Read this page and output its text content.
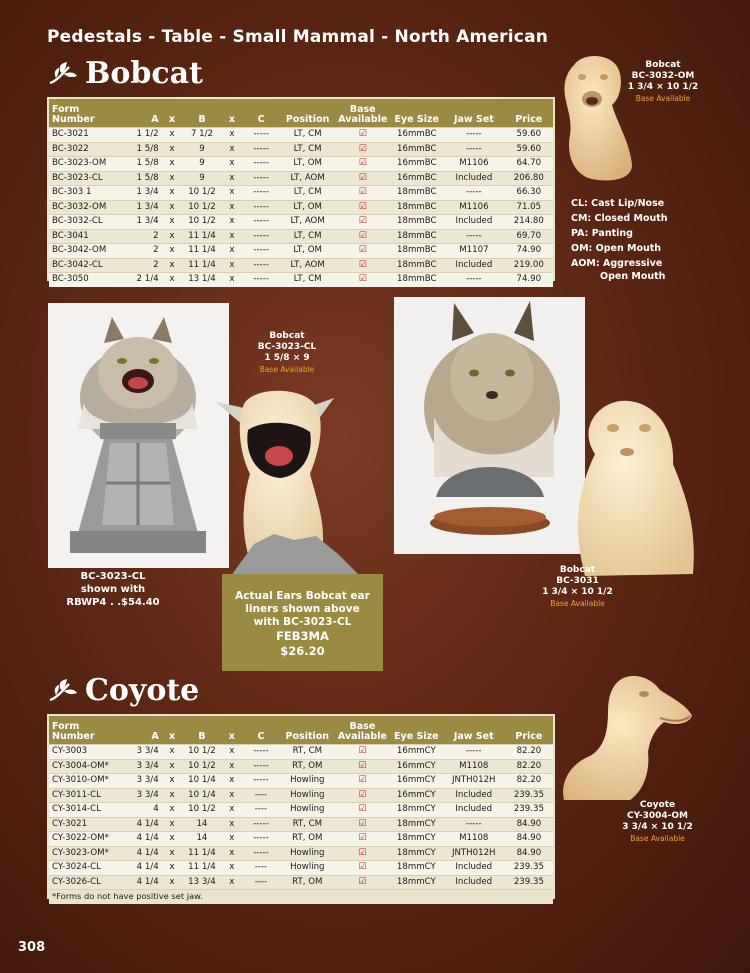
Pedestals - Table - Small Mammal - North American
Bobcat
Form
Number	A	x	B	x	C	Position	Base
Available	Eye Size	Jaw Set	Price
BC-3021	1 1/2	x	7 1/2	x	-----	LT, CM	☑	16mmBC	-----	59.60
BC-3022	1 5/8	x	9	x	-----	LT, CM	☑	16mmBC	-----	59.60
BC-3023-OM	1 5/8	x	9	x	-----	LT, OM	☑	16mmBC	M1106	64.70
BC-3023-CL	1 5/8	x	9	x	-----	LT, AOM	☑	16mmBC	Included	206.80
BC-303 1	1 3/4	x	10 1/2	x	-----	LT, CM	☑	18mmBC	-----	66.30
BC-3032-OM	1 3/4	x	10 1/2	x	-----	LT, OM	☑	18mmBC	M1106	71.05
BC-3032-CL	1 3/4	x	10 1/2	x	-----	LT, AOM	☑	18mmBC	Included	214.80
BC-3041	2	x	11 1/4	x	-----	LT, CM	☑	18mmBC	-----	69.70
BC-3042-OM	2	x	11 1/4	x	-----	LT, OM	☑	18mmBC	M1107	74.90
BC-3042-CL	2	x	11 1/4	x	-----	LT, AOM	☑	18mmBC	Included	219.00
BC-3050	2 1/4	x	13 1/4	x	-----	LT, CM	☑	18mmBC	-----	74.90
Bobcat
BC-3032-OM
1 3/4 × 10 1/2
Base Available
CL: Cast Lip/Nose
CM: Closed Mouth
PA: Panting
OM: Open Mouth
AOM: Aggressive
Open Mouth
BC-3023-CL
shown with
RBWP4 . .$54.40
Bobcat
BC-3023-CL
1 5/8 × 9
Base Available
Actual Ears Bobcat ear
liners shown above
with BC-3023-CL
FEB3MA
$26.20
Bobcat
BC-3031
1 3/4 × 10 1/2
Base Available
Coyote
Form
Number	A	x	B	x	C	Position	Base
Available	Eye Size	Jaw Set	Price
CY-3003	3 3/4	x	10 1/2	x	-----	RT, CM	☑	16mmCY	-----	82.20
CY-3004-OM*	3 3/4	x	10 1/2	x	-----	RT, OM	☑	16mmCY	M1108	82.20
CY-3010-OM*	3 3/4	x	10 1/4	x	-----	Howling	☑	16mmCY	JNTH012H	82.20
CY-3011-CL	3 3/4	x	10 1/4	x	----	Howling	☑	16mmCY	Included	239.35
CY-3014-CL	4	x	10 1/2	x	----	Howling	☑	18mmCY	Included	239.35
CY-3021	4 1/4	x	14	x	-----	RT, CM	☑	18mmCY	-----	84.90
CY-3022-OM*	4 1/4	x	14	x	-----	RT, OM	☑	18mmCY	M1108	84.90
CY-3023-OM*	4 1/4	x	11 1/4	x	-----	Howling	☑	18mmCY	JNTH012H	84.90
CY-3024-CL	4 1/4	x	11 1/4	x	----	Howling	☑	18mmCY	Included	239.35
CY-3026-CL	4 1/4	x	13 3/4	x	----	RT, OM	☑	18mmCY	Included	239.35
*Forms do not have positive set jaw.										
Coyote
CY-3004-OM
3 3/4 × 10 1/2
Base Available
308
